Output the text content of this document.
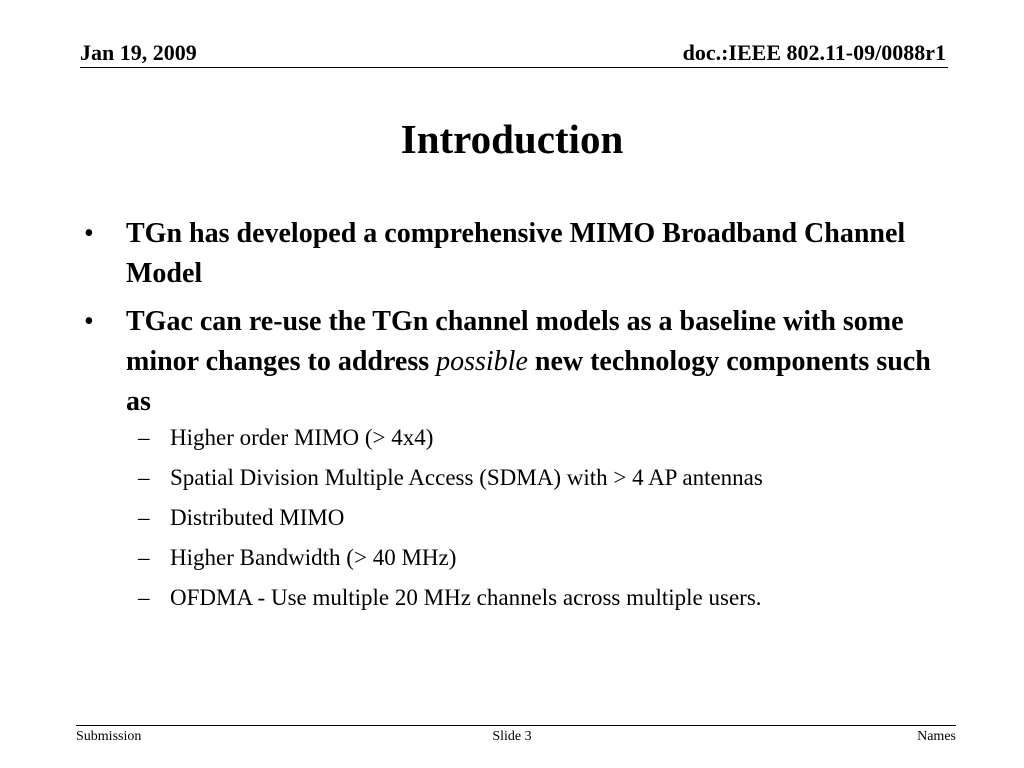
Jan 19, 2009	doc.:IEEE 802.11-09/0088r1
Introduction
•	TGn has developed a comprehensive MIMO Broadband Channel Model
•	TGac can re-use the TGn channel models as a baseline with some minor changes to address possible new technology components such as
– Higher order MIMO (> 4x4)
– Spatial Division Multiple Access (SDMA) with > 4 AP antennas
– Distributed MIMO
– Higher Bandwidth (> 40 MHz)
– OFDMA - Use multiple 20 MHz channels across multiple users.
Submission	Slide 3	Names
